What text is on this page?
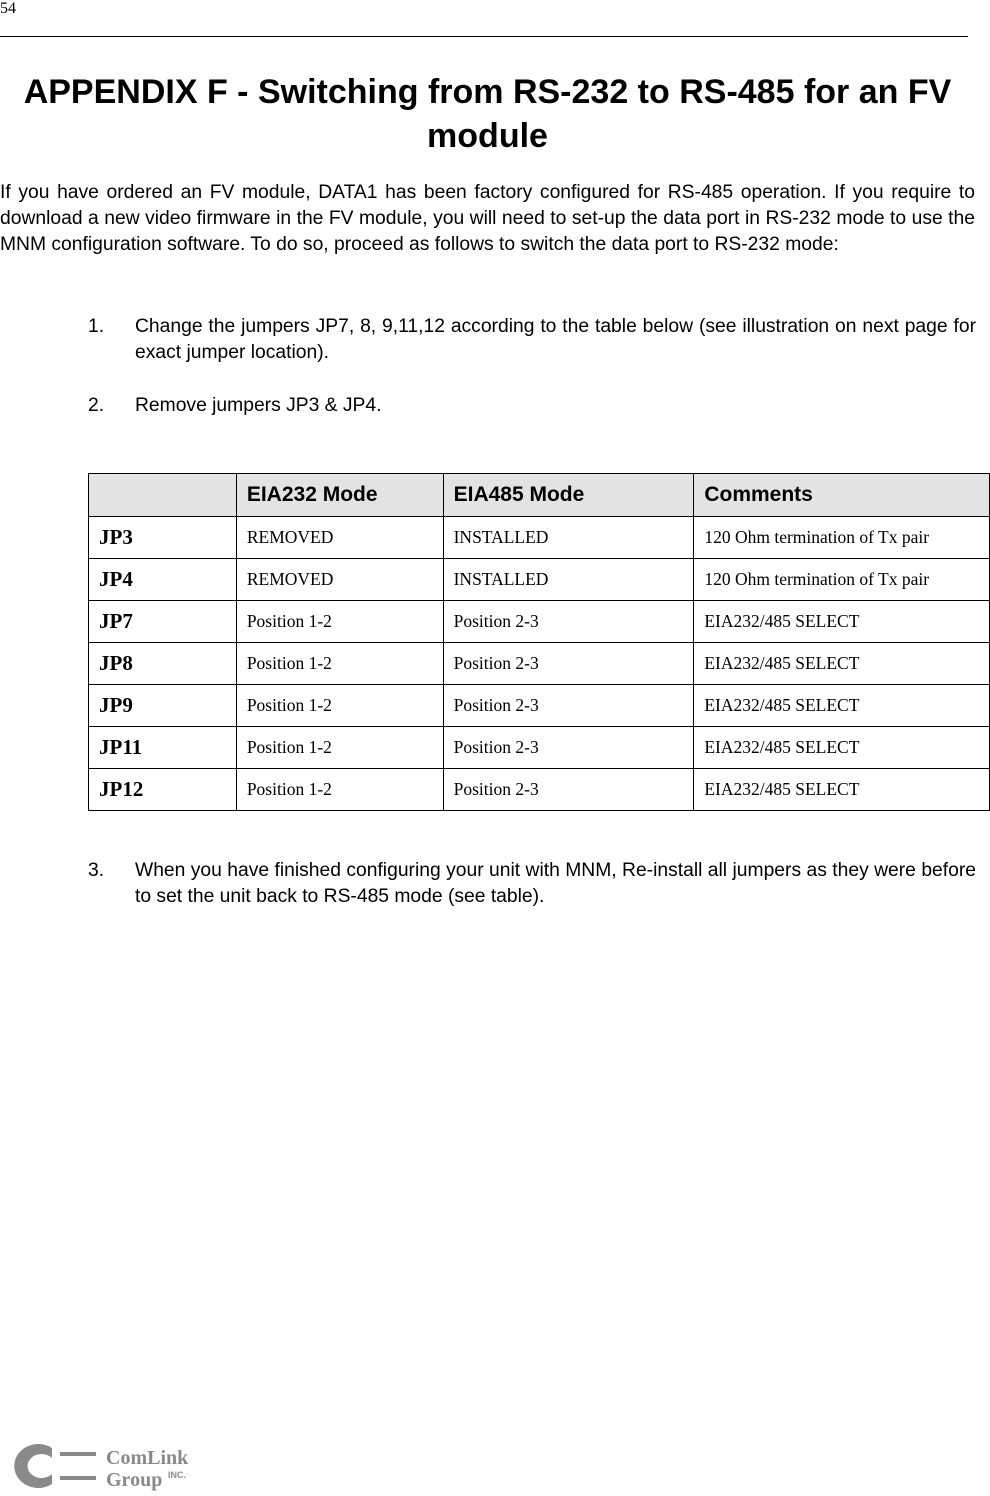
54
APPENDIX F - Switching from RS-232 to RS-485 for an FV module

If you have ordered an FV module, DATA1 has been factory configured for RS-485 operation. If you require to download a new video firmware in the FV module, you will need to set-up the data port in RS-232 mode to use the MNM configuration software. To do so, proceed as follows to switch the data port to RS-232 mode:

1. Change the jumpers JP7, 8, 9,11,12 according to the table below (see illustration on next page for exact jumper location).
2. Remove jumpers JP3 & JP4.
	EIA232 Mode	EIA485 Mode	Comments
JP3	REMOVED	INSTALLED	120 Ohm termination of Tx pair
JP4	REMOVED	INSTALLED	120 Ohm termination of Tx pair
JP7	Position 1-2	Position 2-3	EIA232/485 SELECT
JP8	Position 1-2	Position 2-3	EIA232/485 SELECT
JP9	Position 1-2	Position 2-3	EIA232/485 SELECT
JP11	Position 1-2	Position 2-3	EIA232/485 SELECT
JP12	Position 1-2	Position 2-3	EIA232/485 SELECT
3. When you have finished configuring your unit with MNM, Re-install all jumpers as they were before to set the unit back to RS-485 mode (see table).
ComLink
Group INC.
